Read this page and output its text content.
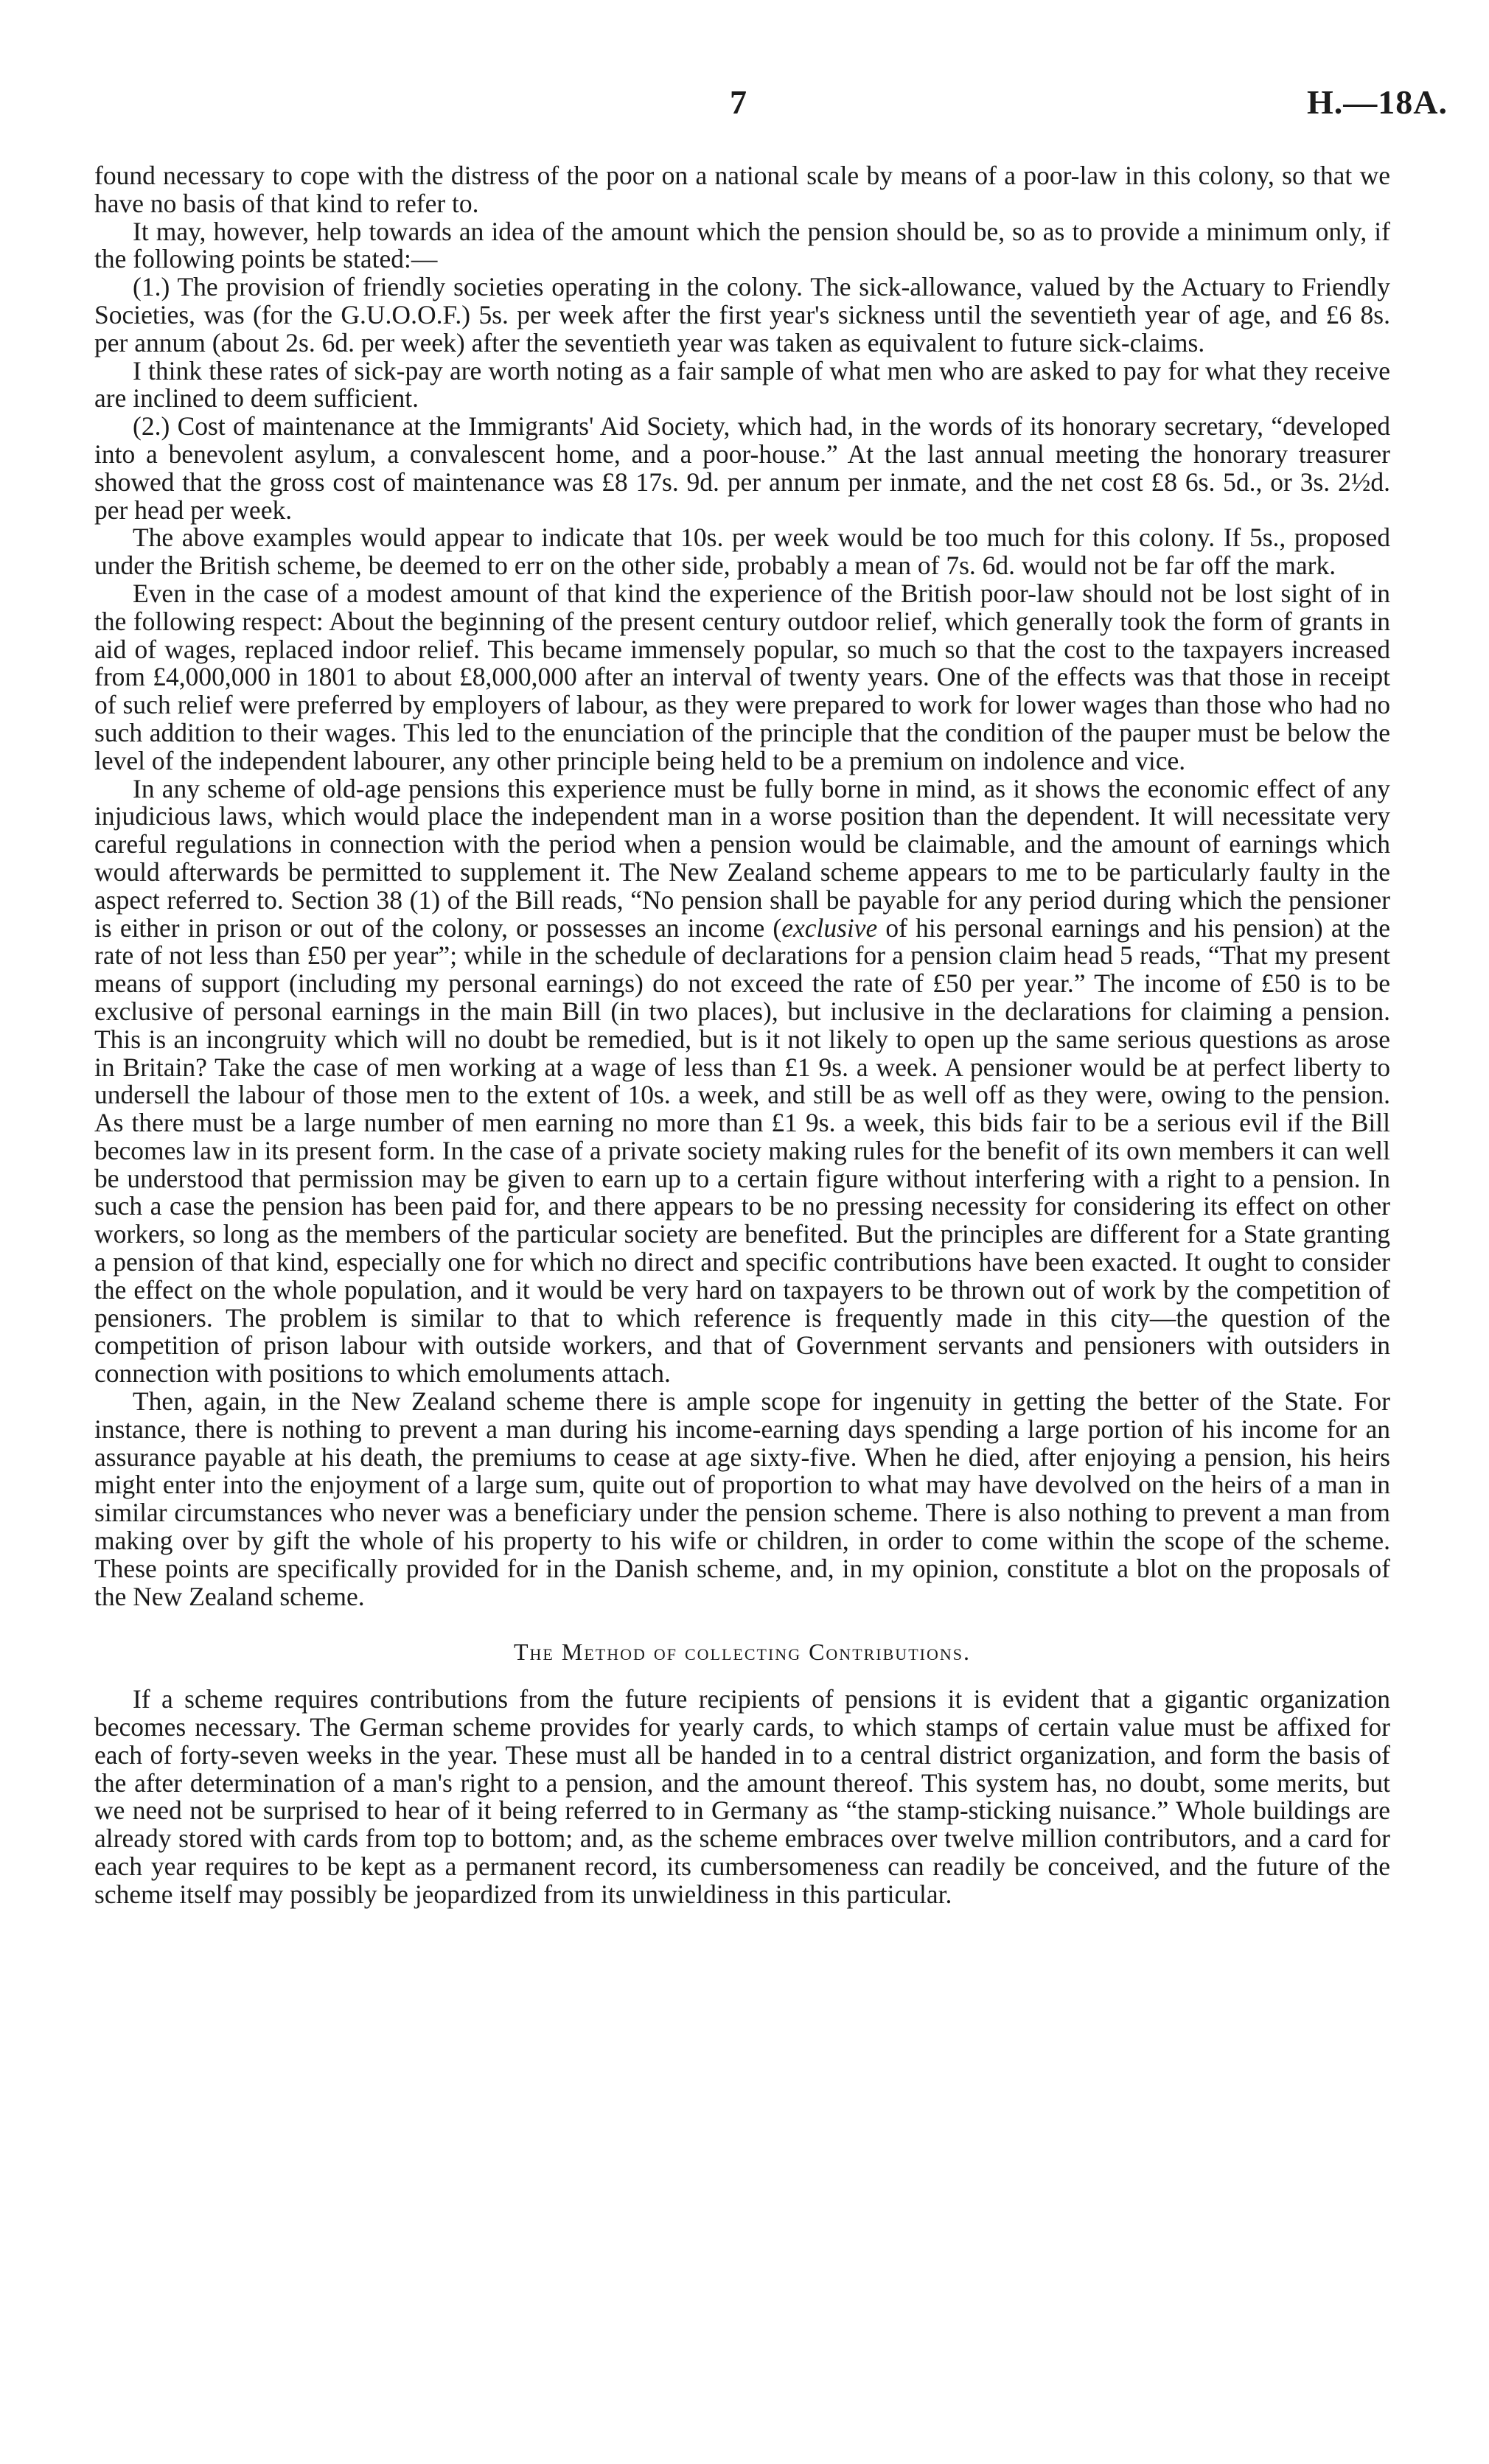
7	H.—18A.

found necessary to cope with the distress of the poor on a national scale by means of a poor-law in this colony, so that we have no basis of that kind to refer to.

It may, however, help towards an idea of the amount which the pension should be, so as to provide a minimum only, if the following points be stated:—

(1.) The provision of friendly societies operating in the colony. The sick-allowance, valued by the Actuary to Friendly Societies, was (for the G.U.O.O.F.) 5s. per week after the first year's sickness until the seventieth year of age, and £6 8s. per annum (about 2s. 6d. per week) after the seventieth year was taken as equivalent to future sick-claims.

I think these rates of sick-pay are worth noting as a fair sample of what men who are asked to pay for what they receive are inclined to deem sufficient.

(2.) Cost of maintenance at the Immigrants' Aid Society, which had, in the words of its honorary secretary, “developed into a benevolent asylum, a convalescent home, and a poor-house.” At the last annual meeting the honorary treasurer showed that the gross cost of maintenance was £8 17s. 9d. per annum per inmate, and the net cost £8 6s. 5d., or 3s. 2½d. per head per week.

The above examples would appear to indicate that 10s. per week would be too much for this colony. If 5s., proposed under the British scheme, be deemed to err on the other side, probably a mean of 7s. 6d. would not be far off the mark.

Even in the case of a modest amount of that kind the experience of the British poor-law should not be lost sight of in the following respect: About the beginning of the present century outdoor relief, which generally took the form of grants in aid of wages, replaced indoor relief. This became immensely popular, so much so that the cost to the taxpayers increased from £4,000,000 in 1801 to about £8,000,000 after an interval of twenty years. One of the effects was that those in receipt of such relief were preferred by employers of labour, as they were prepared to work for lower wages than those who had no such addition to their wages. This led to the enunciation of the principle that the condition of the pauper must be below the level of the independent labourer, any other principle being held to be a premium on indolence and vice.

In any scheme of old-age pensions this experience must be fully borne in mind, as it shows the economic effect of any injudicious laws, which would place the independent man in a worse position than the dependent. It will necessitate very careful regulations in connection with the period when a pension would be claimable, and the amount of earnings which would afterwards be permitted to supplement it. The New Zealand scheme appears to me to be particularly faulty in the aspect referred to. Section 38 (1) of the Bill reads, “No pension shall be payable for any period during which the pensioner is either in prison or out of the colony, or possesses an income (exclusive of his personal earnings and his pension) at the rate of not less than £50 per year”; while in the schedule of declarations for a pension claim head 5 reads, “That my present means of support (including my personal earnings) do not exceed the rate of £50 per year.” The income of £50 is to be exclusive of personal earnings in the main Bill (in two places), but inclusive in the declarations for claiming a pension. This is an incongruity which will no doubt be remedied, but is it not likely to open up the same serious questions as arose in Britain? Take the case of men working at a wage of less than £1 9s. a week. A pensioner would be at perfect liberty to undersell the labour of those men to the extent of 10s. a week, and still be as well off as they were, owing to the pension. As there must be a large number of men earning no more than £1 9s. a week, this bids fair to be a serious evil if the Bill becomes law in its present form. In the case of a private society making rules for the benefit of its own members it can well be understood that permission may be given to earn up to a certain figure without interfering with a right to a pension. In such a case the pension has been paid for, and there appears to be no pressing necessity for considering its effect on other workers, so long as the members of the particular society are benefited. But the principles are different for a State granting a pension of that kind, especially one for which no direct and specific contributions have been exacted. It ought to consider the effect on the whole population, and it would be very hard on taxpayers to be thrown out of work by the competition of pensioners. The problem is similar to that to which reference is frequently made in this city—the question of the competition of prison labour with outside workers, and that of Government servants and pensioners with outsiders in connection with positions to which emoluments attach.

Then, again, in the New Zealand scheme there is ample scope for ingenuity in getting the better of the State. For instance, there is nothing to prevent a man during his income-earning days spending a large portion of his income for an assurance payable at his death, the premiums to cease at age sixty-five. When he died, after enjoying a pension, his heirs might enter into the enjoyment of a large sum, quite out of proportion to what may have devolved on the heirs of a man in similar circumstances who never was a beneficiary under the pension scheme. There is also nothing to prevent a man from making over by gift the whole of his property to his wife or children, in order to come within the scope of the scheme. These points are specifically provided for in the Danish scheme, and, in my opinion, constitute a blot on the proposals of the New Zealand scheme.

The Method of collecting Contributions.

If a scheme requires contributions from the future recipients of pensions it is evident that a gigantic organization becomes necessary. The German scheme provides for yearly cards, to which stamps of certain value must be affixed for each of forty-seven weeks in the year. These must all be handed in to a central district organization, and form the basis of the after determination of a man's right to a pension, and the amount thereof. This system has, no doubt, some merits, but we need not be surprised to hear of it being referred to in Germany as “the stamp-sticking nuisance.” Whole buildings are already stored with cards from top to bottom; and, as the scheme embraces over twelve million contributors, and a card for each year requires to be kept as a permanent record, its cumbersomeness can readily be conceived, and the future of the scheme itself may possibly be jeopardized from its unwieldiness in this particular.
